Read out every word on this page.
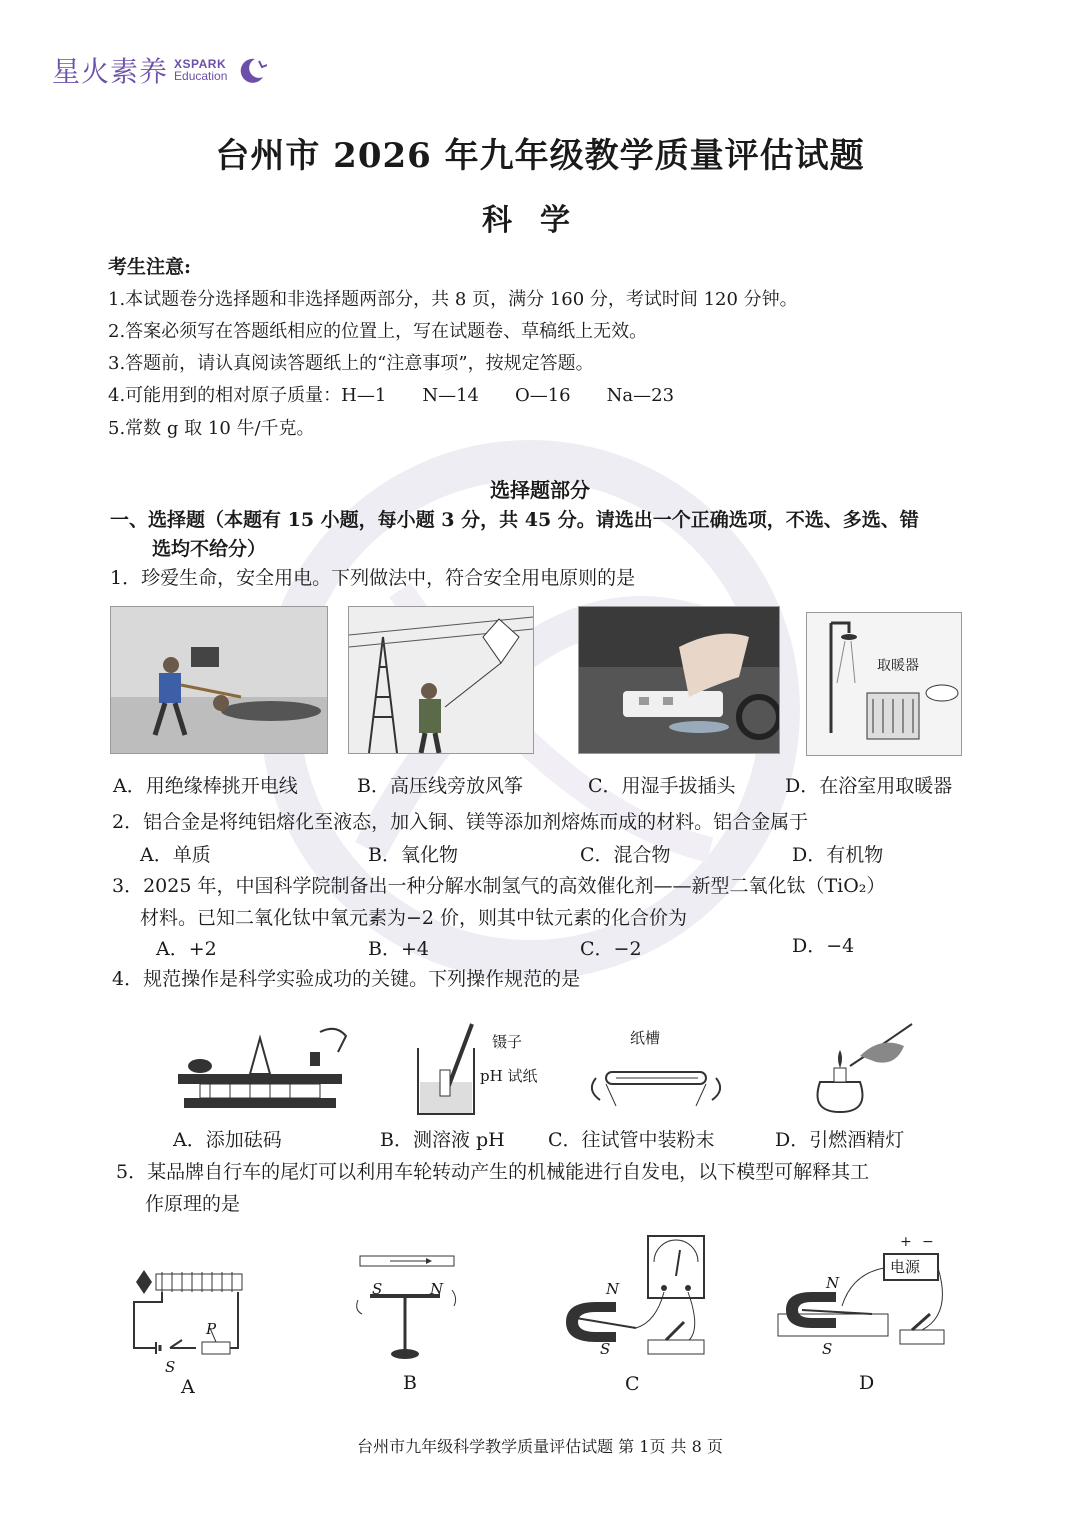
星火素养 XSPARK
Education
台州市 2026 年九年级教学质量评估试题
科学
考生注意:
1.本试题卷分选择题和非选择题两部分，共 8 页，满分 160 分，考试时间 120 分钟。
2.答案必须写在答题纸相应的位置上，写在试题卷、草稿纸上无效。
3.答题前，请认真阅读答题纸上的“注意事项”，按规定答题。
4.可能用到的相对原子质量：H—1　　N—14　　O—16　　Na—23
5.常数 g 取 10 牛/千克。
选择题部分
一、选择题（本题有 15 小题，每小题 3 分，共 45 分。请选出一个正确选项，不选、多选、错
选均不给分）
1．珍爱生命，安全用电。下列做法中，符合安全用电原则的是
取暖器
A．用绝缘棒挑开电线	B．高压线旁放风筝	C．用湿手拔插头	D．在浴室用取暖器
2．铝合金是将纯铝熔化至液态，加入铜、镁等添加剂熔炼而成的材料。铝合金属于
A．单质	B．氧化物	C．混合物	D．有机物
3．2025 年，中国科学院制备出一种分解水制氢气的高效催化剂——新型二氧化钛（TiO₂）
材料。已知二氧化钛中氧元素为−2 价，则其中钛元素的化合价为
A．+2	B．+4	C．−2	D．−4
4．规范操作是科学实验成功的关键。下列操作规范的是
镊子
pH 试纸
纸槽
A．添加砝码	B．测溶液 pH C．往试管中装粉末	D．引燃酒精灯
5．某品牌自行车的尾灯可以利用车轮转动产生的机械能进行自发电，以下模型可解释其工
作原理的是
P
S
S	N	N
S
电源
+ −
N
S
A	B	C	D
台州市九年级科学教学质量评估试题 第 1页 共 8 页
